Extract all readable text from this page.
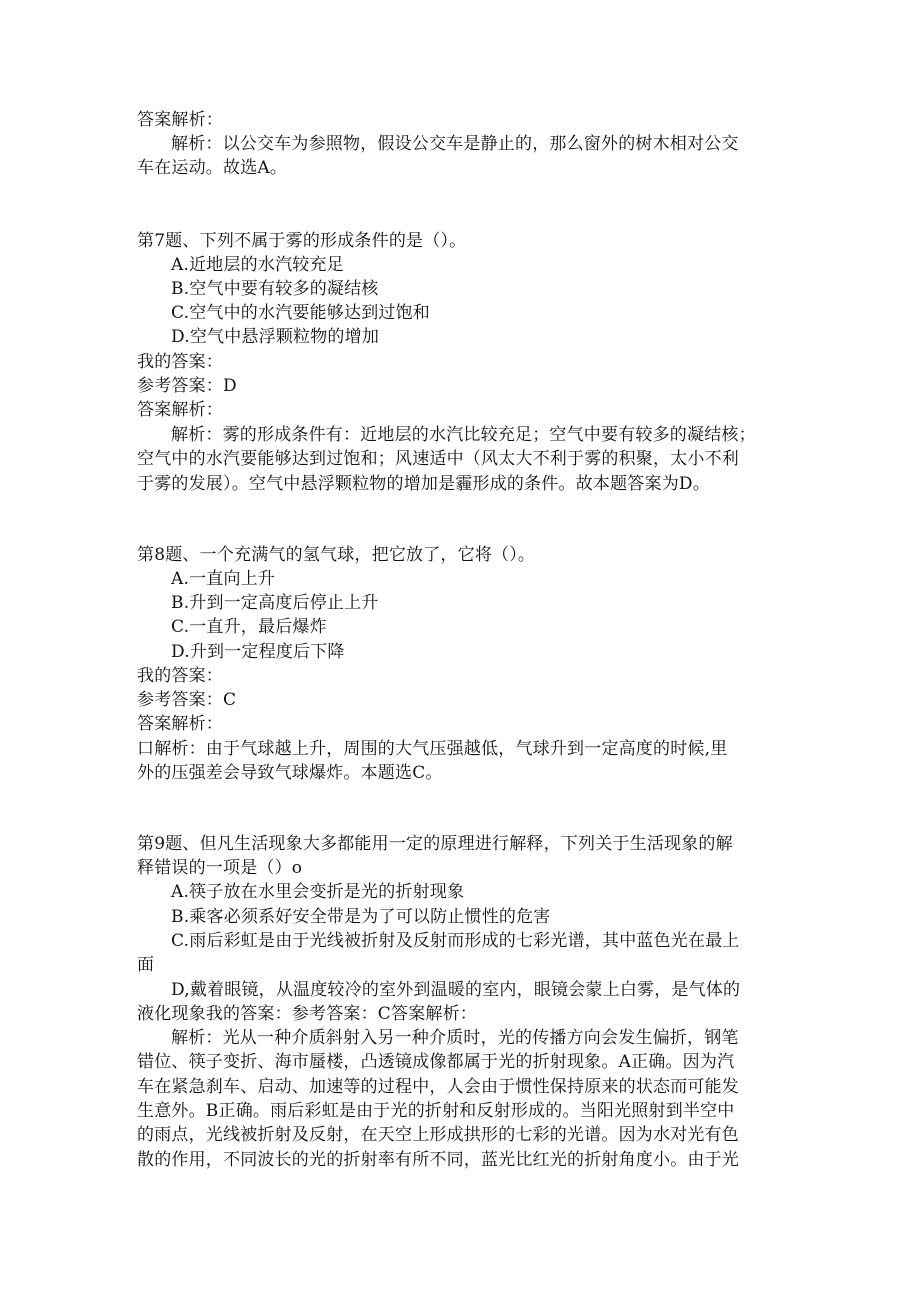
答案解析：
解析：以公交车为参照物，假设公交车是静止的，那么窗外的树木相对公交
车在运动。故选A。
第7题、下列不属于雾的形成条件的是（）。
A.近地层的水汽较充足
B.空气中要有较多的凝结核
C.空气中的水汽要能够达到过饱和
D.空气中悬浮颗粒物的增加
我的答案：
参考答案：D
答案解析：
解析：雾的形成条件有：近地层的水汽比较充足；空气中要有较多的凝结核；
空气中的水汽要能够达到过饱和；风速适中（风太大不利于雾的积聚，太小不利
于雾的发展）。空气中悬浮颗粒物的增加是霾形成的条件。故本题答案为D。
第8题、一个充满气的氢气球，把它放了，它将（）。
A.一直向上升
B.升到一定高度后停止上升
C.一直升，最后爆炸
D.升到一定程度后下降
我的答案：
参考答案：C
答案解析：
口解析：由于气球越上升，周围的大气压强越低，气球升到一定高度的时候,里
外的压强差会导致气球爆炸。本题选C。
第9题、但凡生活现象大多都能用一定的原理进行解释，下列关于生活现象的解
释错误的一项是（）o
A.筷子放在水里会变折是光的折射现象
B.乘客必须系好安全带是为了可以防止惯性的危害
C.雨后彩虹是由于光线被折射及反射而形成的七彩光谱，其中蓝色光在最上
面
D,戴着眼镜，从温度较冷的室外到温暖的室内，眼镜会蒙上白雾，是气体的
液化现象我的答案：参考答案：C答案解析：
解析：光从一种介质斜射入另一种介质时，光的传播方向会发生偏折，钢笔
错位、筷子变折、海市蜃楼，凸透镜成像都属于光的折射现象。A正确。因为汽
车在紧急刹车、启动、加速等的过程中，人会由于惯性保持原来的状态而可能发
生意外。B正确。雨后彩虹是由于光的折射和反射形成的。当阳光照射到半空中
的雨点，光线被折射及反射，在天空上形成拱形的七彩的光谱。因为水对光有色
散的作用，不同波长的光的折射率有所不同，蓝光比红光的折射角度小。由于光
